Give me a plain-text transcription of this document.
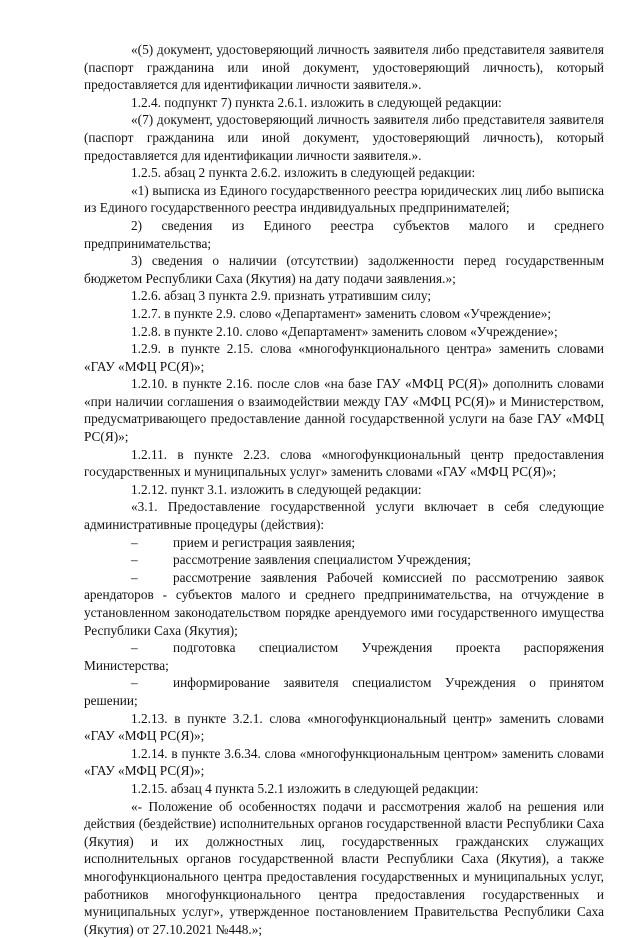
«(5) документ, удостоверяющий личность заявителя либо представителя заявителя (паспорт гражданина или иной документ, удостоверяющий личность), который предоставляется для идентификации личности заявителя.».

1.2.4. подпункт 7) пункта 2.6.1. изложить в следующей редакции:

«(7) документ, удостоверяющий личность заявителя либо представителя заявителя (паспорт гражданина или иной документ, удостоверяющий личность), который предоставляется для идентификации личности заявителя.».

1.2.5. абзац 2 пункта 2.6.2. изложить в следующей редакции:

«1) выписка из Единого государственного реестра юридических лиц либо выписка из Единого государственного реестра индивидуальных предпринимателей;

2) сведения из Единого реестра субъектов малого и среднего предпринимательства;

3) сведения о наличии (отсутствии) задолженности перед государственным бюджетом Республики Саха (Якутия) на дату подачи заявления.»;

1.2.6. абзац 3 пункта 2.9. признать утратившим силу;

1.2.7. в пункте 2.9. слово «Департамент» заменить словом «Учреждение»;

1.2.8. в пункте 2.10. слово «Департамент» заменить словом «Учреждение»;

1.2.9. в пункте 2.15. слова «многофункционального центра» заменить словами «ГАУ «МФЦ РС(Я)»;

1.2.10. в пункте 2.16. после слов «на базе ГАУ «МФЦ РС(Я)» дополнить словами «при наличии соглашения о взаимодействии между ГАУ «МФЦ РС(Я)» и Министерством, предусматривающего предоставление данной государственной услуги на базе ГАУ «МФЦ РС(Я)»;

1.2.11. в пункте 2.23. слова «многофункциональный центр предоставления государственных и муниципальных услуг» заменить словами «ГАУ «МФЦ РС(Я)»;

1.2.12. пункт 3.1. изложить в следующей редакции:

«3.1. Предоставление государственной услуги включает в себя следующие административные процедуры (действия):

–	прием и регистрация заявления;

–	рассмотрение заявления специалистом Учреждения;

–	рассмотрение заявления Рабочей комиссией по рассмотрению заявок арендаторов - субъектов малого и среднего предпринимательства, на отчуждение в установленном законодательством порядке арендуемого ими государственного имущества Республики Саха (Якутия);

–	подготовка специалистом Учреждения проекта распоряжения Министерства;

–	информирование заявителя специалистом Учреждения о принятом решении;

1.2.13. в пункте 3.2.1. слова «многофункциональный центр» заменить словами «ГАУ «МФЦ РС(Я)»;

1.2.14. в пункте 3.6.34. слова «многофункциональным центром» заменить словами «ГАУ «МФЦ РС(Я)»;

1.2.15. абзац 4 пункта 5.2.1 изложить в следующей редакции:

«- Положение об особенностях подачи и рассмотрения жалоб на решения или действия (бездействие) исполнительных органов государственной власти Республики Саха (Якутия) и их должностных лиц, государственных гражданских служащих исполнительных органов государственной власти Республики Саха (Якутия), а также многофункционального центра предоставления государственных и муниципальных услуг, работников многофункционального центра предоставления государственных и муниципальных услуг», утвержденное постановлением Правительства Республики Саха (Якутия) от 27.10.2021 №448.»;
